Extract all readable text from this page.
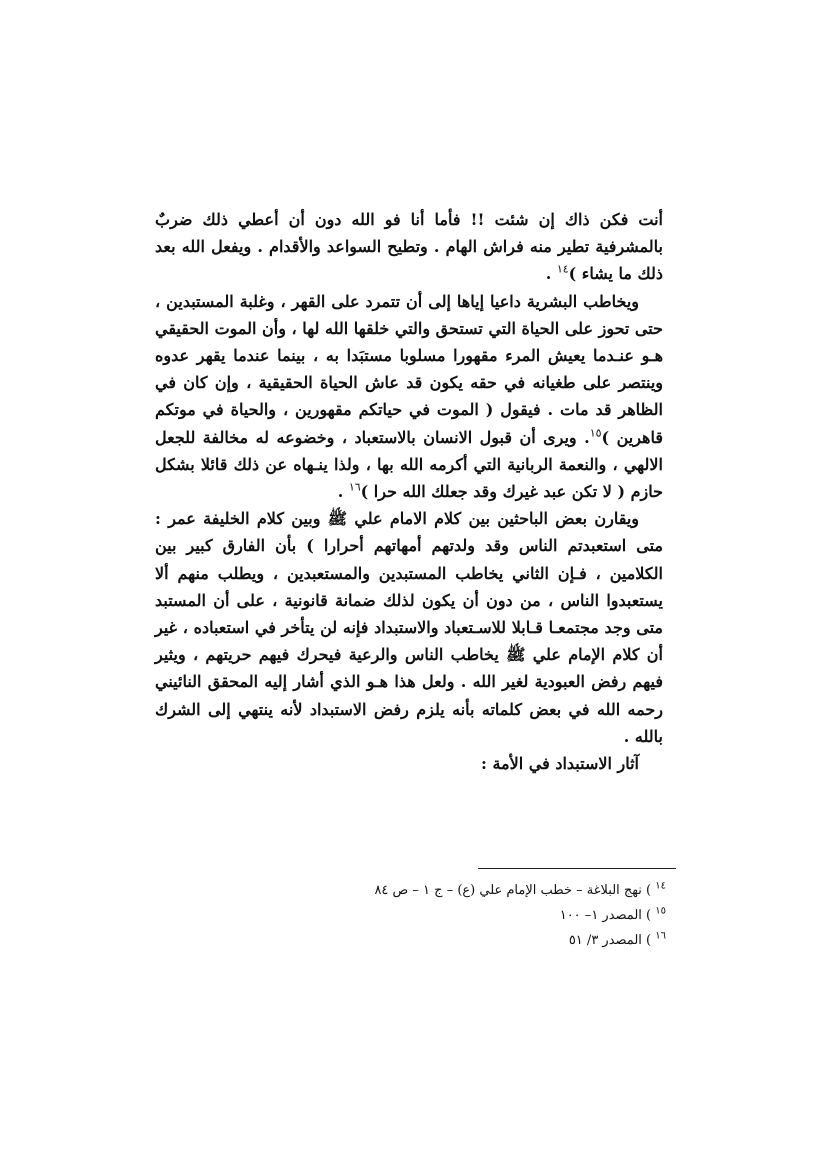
أنت فكن ذاك إن شئت !! فأما أنا فو الله دون أن أعطي ذلك ضربٌ بالمشرفية تطير منه فراش الهام . وتطيح السواعد والأقدام . ويفعل الله بعد ذلك ما يشاء )$^{١٤}$ .

ويخاطب البشرية داعيا إياها إلى أن تتمرد على القهر ، وغلبة المستبدين ، حتى تحوز على الحياة التي تستحق والتي خلقها الله لها ، وأن الموت الحقيقي هـو عنـدما يعيش المرء مقهورا مسلوبا مستبَدا به ، بينما عندما يقهر عدوه وينتصر على طغيانه في حقه يكون قد عاش الحياة الحقيقية ، وإن كان في الظاهر قد مات . فيقول ( الموت في حياتكم مقهورين ، والحياة في موتكم قاهرين )$^{١٥}$. ويرى أن قبول الانسان بالاستعباد ، وخضوعه له مخالفة للجعل الالهي ، والنعمة الربانية التي أكرمه الله بها ، ولذا ينـهاه عن ذلك قائلا بشكل حازم ( لا تكن عبد غيرك وقد جعلك الله حرا )$^{١٦}$ .

ويقارن بعض الباحثين بين كلام الامام علي ﷺ وبين كلام الخليفة عمر : متى استعبدتم الناس وقد ولدتهم أمهاتهم أحرارا ) بأن الفارق كبير بين الكلامين ، فـإن الثاني يخاطب المستبدين والمستعبدين ، ويطلب منهم ألا يستعبدوا الناس ، من دون أن يكون لذلك ضمانة قانونية ، على أن المستبد متى وجد مجتمعـا قـابلا للاسـتعباد والاستبداد فإنه لن يتأخر في استعباده ، غير أن كلام الإمام علي ﷺ يخاطب الناس والرعية فيحرك فيهم حريتهم ، ويثير فيهم رفض العبودية لغير الله . ولعل هذا هـو الذي أشار إليه المحقق النائيني رحمه الله في بعض كلماته بأنه يلزم رفض الاستبداد لأنه ينتهي إلى الشرك بالله .

آثار الاستبداد في الأمة :

$^{١٤}$ ) نهج البلاغة – خطب الإمام علي (ع) – ج ١ – ص ٨٤

$^{١٥}$ ) المصدر ١– ١٠٠

$^{١٦}$ ) المصدر ٣/ ٥١
